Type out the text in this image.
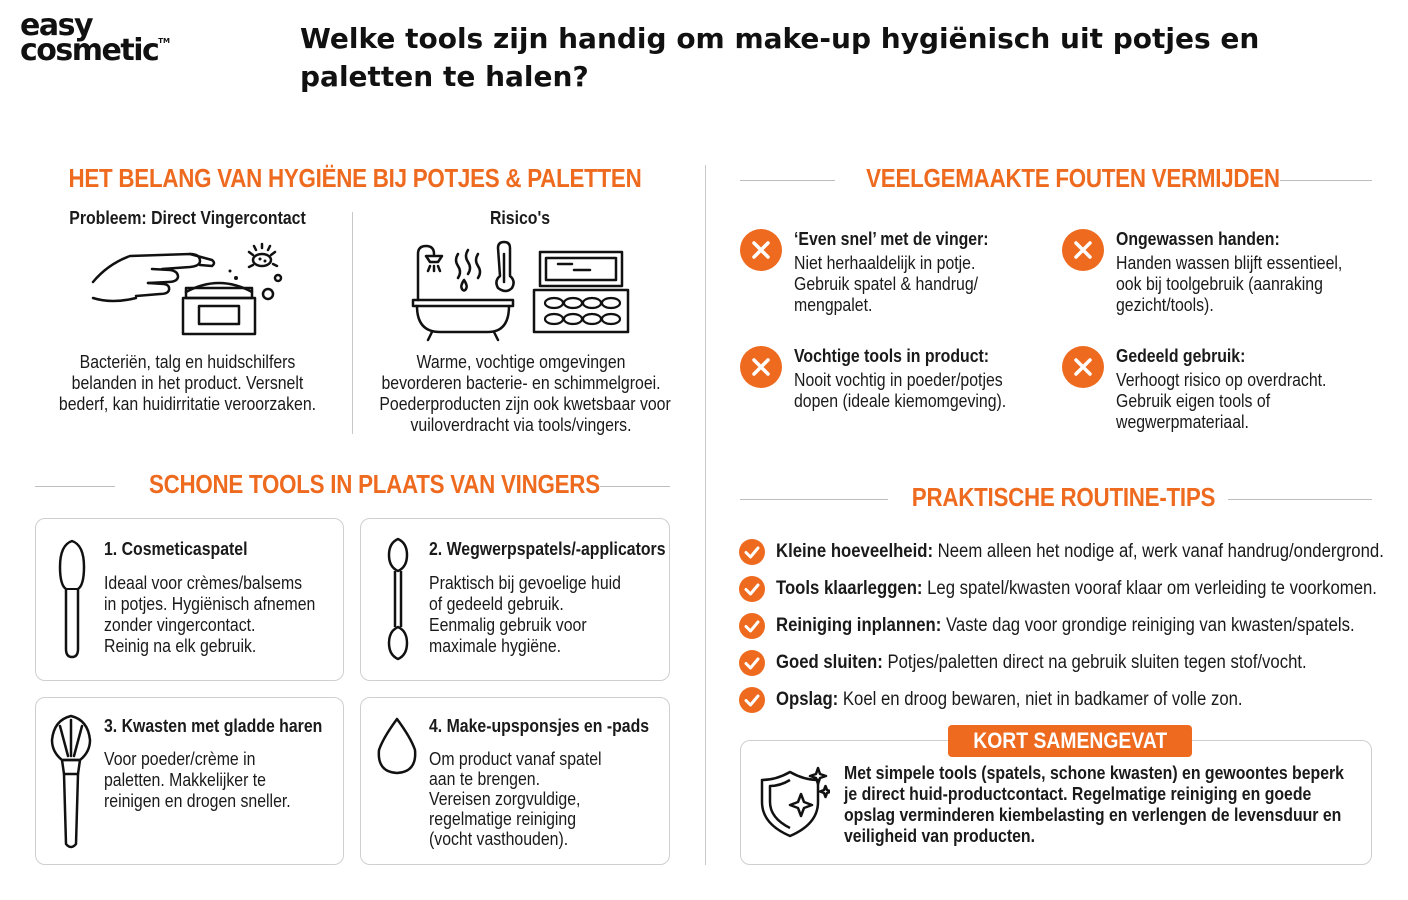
easy
cosmetic™	Welke tools zijn handig om make-up hygiënisch uit potjes en paletten te halen?
HET BELANG VAN HYGIËNE BIJ POTJES & PALETTEN
Probleem: Direct Vingercontact
Bacteriën, talg en huidschilfers
belanden in het product. Versnelt
bederf, kan huidirritatie veroorzaken.
Risico's
Warme, vochtige omgevingen
bevorderen bacterie- en schimmelgroei.
Poederproducten zijn ook kwetsbaar voor
vuiloverdracht via tools/vingers.
SCHONE TOOLS IN PLAATS VAN VINGERS
1. Cosmeticaspatel
Ideaal voor crèmes/balsems
in potjes. Hygiënisch afnemen
zonder vingercontact.
Reinig na elk gebruik.
2. Wegwerpspatels/-applicators
Praktisch bij gevoelige huid
of gedeeld gebruik.
Eenmalig gebruik voor
maximale hygiëne.
3. Kwasten met gladde haren
Voor poeder/crème in
paletten. Makkelijker te
reinigen en drogen sneller.
4. Make-upsponsjes en -pads
Om product vanaf spatel
aan te brengen.
Vereisen zorgvuldige,
regelmatige reiniging
(vocht vasthouden).
VEELGEMAAKTE FOUTEN VERMIJDEN
‘Even snel’ met de vinger:
Niet herhaaldelijk in potje.
Gebruik spatel & handrug/
mengpalet.
Ongewassen handen:
Handen wassen blijft essentieel,
ook bij toolgebruik (aanraking
gezicht/tools).
Vochtige tools in product:
Nooit vochtig in poeder/potjes
dopen (ideale kiemomgeving).
Gedeeld gebruik:
Verhoogt risico op overdracht.
Gebruik eigen tools of
wegwerpmateriaal.
PRAKTISCHE ROUTINE-TIPS
Kleine hoeveelheid: Neem alleen het nodige af, werk vanaf handrug/ondergrond.
Tools klaarleggen: Leg spatel/kwasten vooraf klaar om verleiding te voorkomen.
Reiniging inplannen: Vaste dag voor grondige reiniging van kwasten/spatels.
Goed sluiten: Potjes/paletten direct na gebruik sluiten tegen stof/vocht.
Opslag: Koel en droog bewaren, niet in badkamer of volle zon.
KORT SAMENGEVAT
Met simpele tools (spatels, schone kwasten) en gewoontes beperk
je direct huid-productcontact. Regelmatige reiniging en goede
opslag verminderen kiembelasting en verlengen de levensduur en
veiligheid van producten.
